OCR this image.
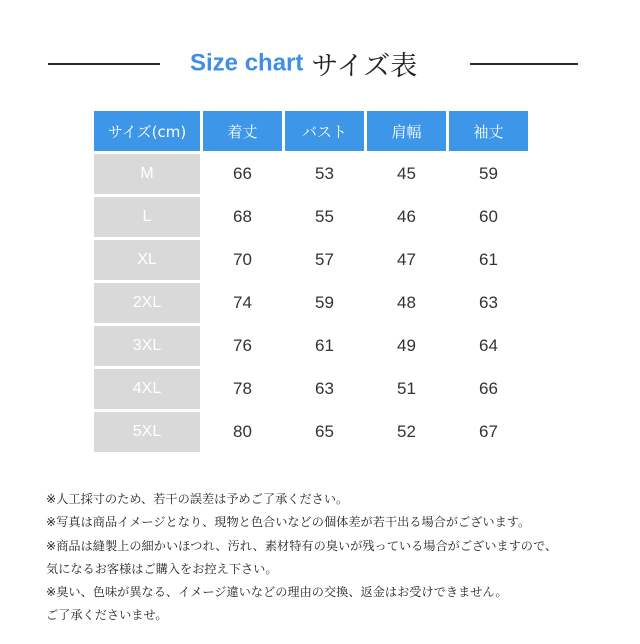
Size chart サイズ表
サイズ(cm)	着丈	バスト	肩幅	袖丈
M	66	53	45	59
L	68	55	46	60
XL	70	57	47	61
2XL	74	59	48	63
3XL	76	61	49	64
4XL	78	63	51	66
5XL	80	65	52	67
※人工採寸のため、若干の誤差は予めご了承ください。
※写真は商品イメージとなり、現物と色合いなどの個体差が若干出る場合がございます。
※商品は縫製上の細かいほつれ、汚れ、素材特有の臭いが残っている場合がございますので、
気になるお客様はご購入をお控え下さい。
※臭い、色味が異なる、イメージ違いなどの理由の交換、返金はお受けできません。
ご了承くださいませ。
